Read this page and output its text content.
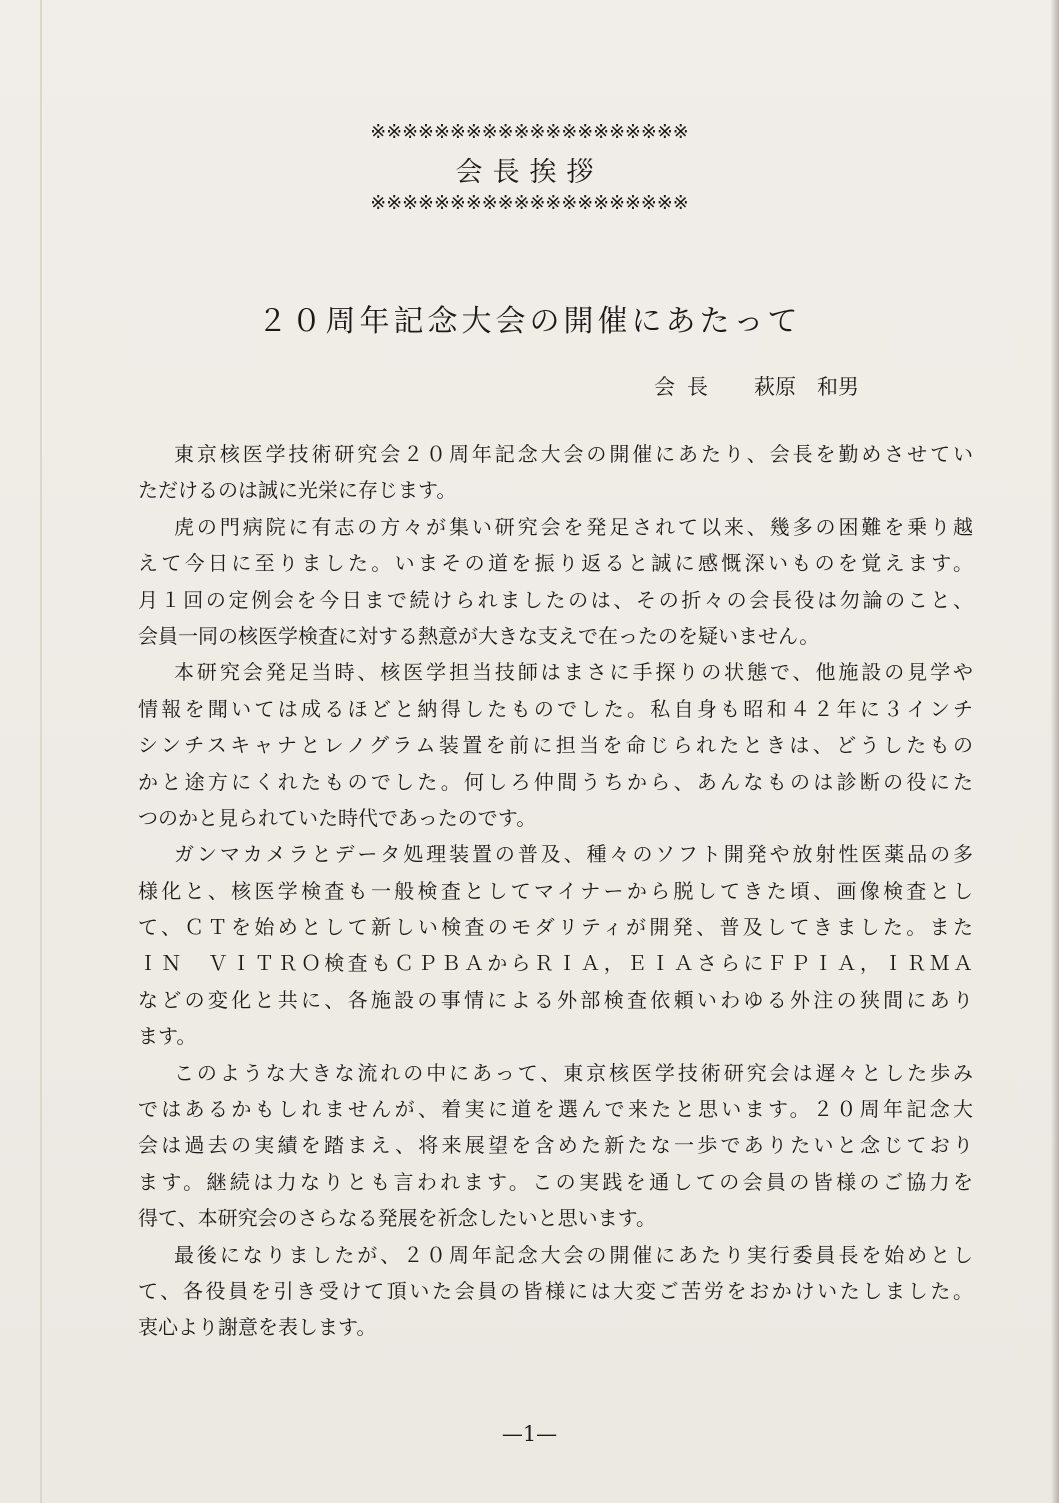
※※※※※※※※※※※※※※※※※※※※
会長挨拶
※※※※※※※※※※※※※※※※※※※※
２０周年記念大会の開催にあたって
会長 萩原　和男
東京核医学技術研究会２０周年記念大会の開催にあたり、会長を勤めさせてい
ただけるのは誠に光栄に存じます。
虎の門病院に有志の方々が集い研究会を発足されて以来、幾多の困難を乗り越
えて今日に至りました。いまその道を振り返ると誠に感慨深いものを覚えます。
月１回の定例会を今日まで続けられましたのは、その折々の会長役は勿論のこと、
会員一同の核医学検査に対する熱意が大きな支えで在ったのを疑いません。
本研究会発足当時、核医学担当技師はまさに手探りの状態で、他施設の見学や
情報を聞いては成るほどと納得したものでした。私自身も昭和４２年に３インチ
シンチスキャナとレノグラム装置を前に担当を命じられたときは、どうしたもの
かと途方にくれたものでした。何しろ仲間うちから、あんなものは診断の役にた
つのかと見られていた時代であったのです。
ガンマカメラとデータ処理装置の普及、種々のソフト開発や放射性医薬品の多
様化と、核医学検査も一般検査としてマイナーから脱してきた頃、画像検査とし
て、ＣＴを始めとして新しい検査のモダリティが開発、普及してきました。また
ＩＮ　ＶＩＴＲＯ検査もＣＰＢＡからＲＩＡ，ＥＩＡさらにＦＰＩＡ，ＩＲＭＡ
などの変化と共に、各施設の事情による外部検査依頼いわゆる外注の狭間にあり
ます。
このような大きな流れの中にあって、東京核医学技術研究会は遅々とした歩み
ではあるかもしれませんが、着実に道を選んで来たと思います。２０周年記念大
会は過去の実績を踏まえ、将来展望を含めた新たな一歩でありたいと念じており
ます。継続は力なりとも言われます。この実践を通しての会員の皆様のご協力を
得て、本研究会のさらなる発展を祈念したいと思います。
最後になりましたが、２０周年記念大会の開催にあたり実行委員長を始めとし
て、各役員を引き受けて頂いた会員の皆様には大変ご苦労をおかけいたしました。
衷心より謝意を表します。
—1—
